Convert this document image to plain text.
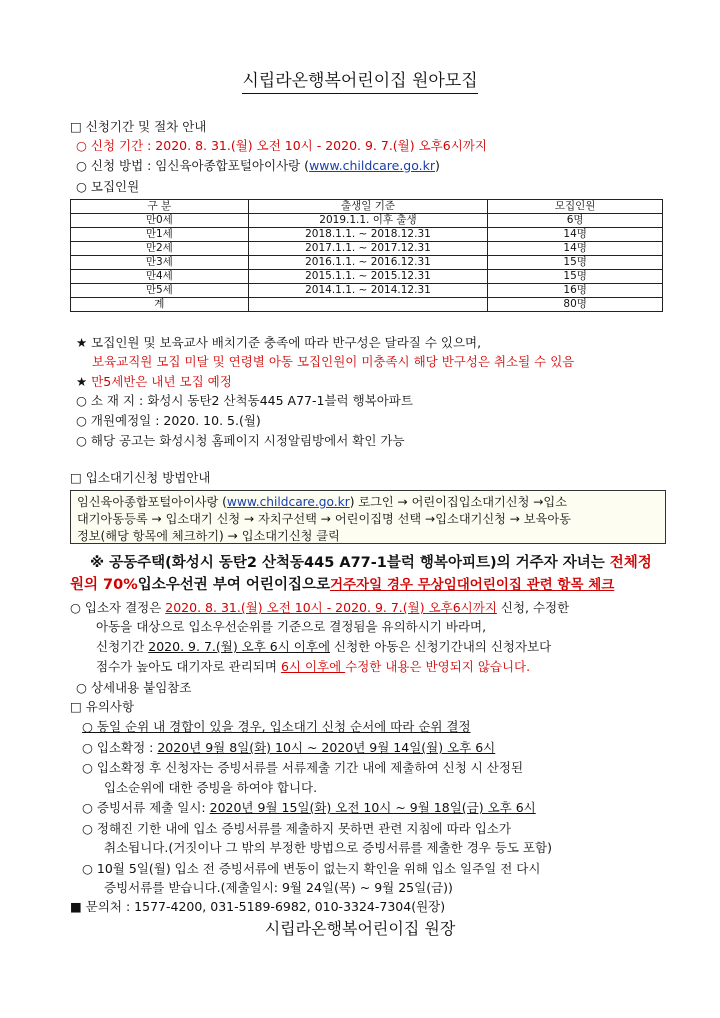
시립라온행복어린이집 원아모집
□ 신청기간 및 절차 안내
○ 신청 기간 : 2020. 8. 31.(월) 오전 10시 - 2020. 9. 7.(월) 오후6시까지
○ 신청 방법 : 임신육아종합포털아이사랑 (www.childcare.go.kr)
○ 모집인원
구 분	출생일 기준	모집인원
만0세	2019.1.1. 이후 출생	6명
만1세	2018.1.1. ~ 2018.12.31	14명
만2세	2017.1.1. ~ 2017.12.31	14명
만3세	2016.1.1. ~ 2016.12.31	15명
만4세	2015.1.1. ~ 2015.12.31	15명
만5세	2014.1.1. ~ 2014.12.31	16명
계		80명
★ 모집인원 및 보육교사 배치기준 충족에 따라 반구성은 달라질 수 있으며,
보육교직원 모집 미달 및 연령별 아동 모집인원이 미충족시 해당 반구성은 취소될 수 있음
★ 만5세반은 내년 모집 예정
○ 소 재 지 : 화성시 동탄2 산척동445 A77-1블럭 행복아파트
○ 개원예정일 : 2020. 10. 5.(월)
○ 해당 공고는 화성시청 홈페이지 시정알림방에서 확인 가능
□ 입소대기신청 방법안내
임신육아종합포털아이사랑 (www.childcare.go.kr) 로그인 → 어린이집입소대기신청 →입소
대기아동등록 → 입소대기 신청 → 자치구선택 → 어린이집명 선택 →입소대기신청 → 보육아동
정보(해당 항목에 체크하기) → 입소대기신청 클릭
※ 공동주택(화성시 동탄2 산척동445 A77-1블럭 행복아피트)의 거주자 자녀는 전체정
원의 70%입소우선권 부여 어린이집으로거주자일 경우 무상임대어린이집 관련 항목 체크
○ 입소자 결정은 2020. 8. 31.(월) 오전 10시 - 2020. 9. 7.(월) 오후6시까지 신청, 수정한
아동을 대상으로 입소우선순위를 기준으로 결정됨을 유의하시기 바라며,
신청기간 2020. 9. 7.(월) 오후 6시 이후에 신청한 아동은 신청기간내의 신청자보다
점수가 높아도 대기자로 관리되며 6시 이후에 수정한 내용은 반영되지 않습니다.
○ 상세내용 붙임참조
□ 유의사항
○ 동일 순위 내 경합이 있을 경우, 입소대기 신청 순서에 따라 순위 결정
○ 입소확정 : 2020년 9월 8일(화) 10시 ~ 2020년 9월 14일(월) 오후 6시
○ 입소확정 후 신청자는 증빙서류를 서류제출 기간 내에 제출하여 신청 시 산정된
입소순위에 대한 증빙을 하여야 합니다.
○ 증빙서류 제출 일시: 2020년 9월 15일(화) 오전 10시 ~ 9월 18일(금) 오후 6시
○ 정해진 기한 내에 입소 증빙서류를 제출하지 못하면 관련 지침에 따라 입소가
취소됩니다.(거짓이나 그 밖의 부정한 방법으로 증빙서류를 제출한 경우 등도 포함)
○ 10월 5일(월) 입소 전 증빙서류에 변동이 없는지 확인을 위해 입소 일주일 전 다시
증빙서류를 받습니다.(제출일시: 9월 24일(목) ~ 9월 25일(금))
■ 문의처 : 1577-4200, 031-5189-6982, 010-3324-7304(원장)
시립라온행복어린이집 원장
